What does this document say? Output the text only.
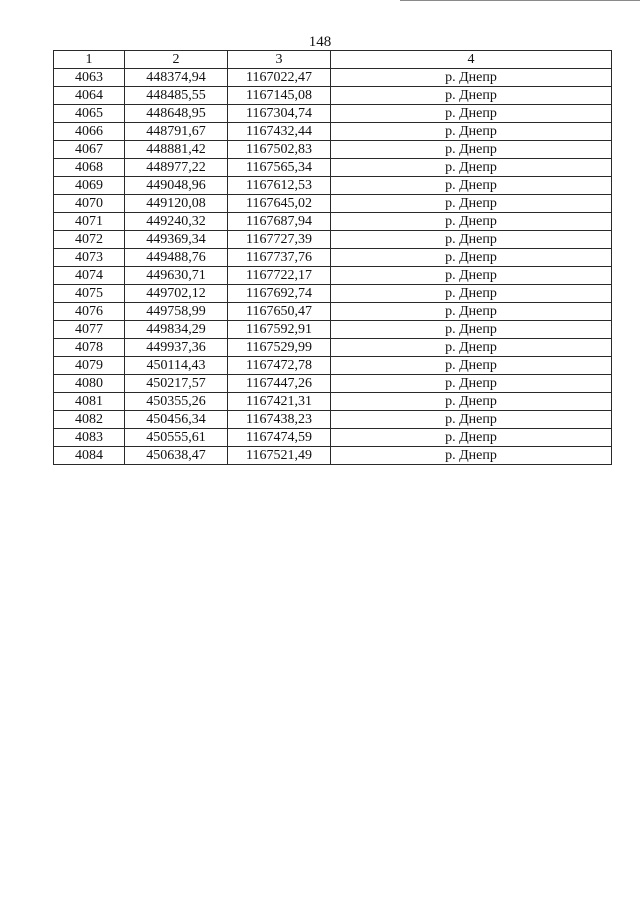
148
1	2	3	4
4063	448374,94	1167022,47	р. Днепр
4064	448485,55	1167145,08	р. Днепр
4065	448648,95	1167304,74	р. Днепр
4066	448791,67	1167432,44	р. Днепр
4067	448881,42	1167502,83	р. Днепр
4068	448977,22	1167565,34	р. Днепр
4069	449048,96	1167612,53	р. Днепр
4070	449120,08	1167645,02	р. Днепр
4071	449240,32	1167687,94	р. Днепр
4072	449369,34	1167727,39	р. Днепр
4073	449488,76	1167737,76	р. Днепр
4074	449630,71	1167722,17	р. Днепр
4075	449702,12	1167692,74	р. Днепр
4076	449758,99	1167650,47	р. Днепр
4077	449834,29	1167592,91	р. Днепр
4078	449937,36	1167529,99	р. Днепр
4079	450114,43	1167472,78	р. Днепр
4080	450217,57	1167447,26	р. Днепр
4081	450355,26	1167421,31	р. Днепр
4082	450456,34	1167438,23	р. Днепр
4083	450555,61	1167474,59	р. Днепр
4084	450638,47	1167521,49	р. Днепр
